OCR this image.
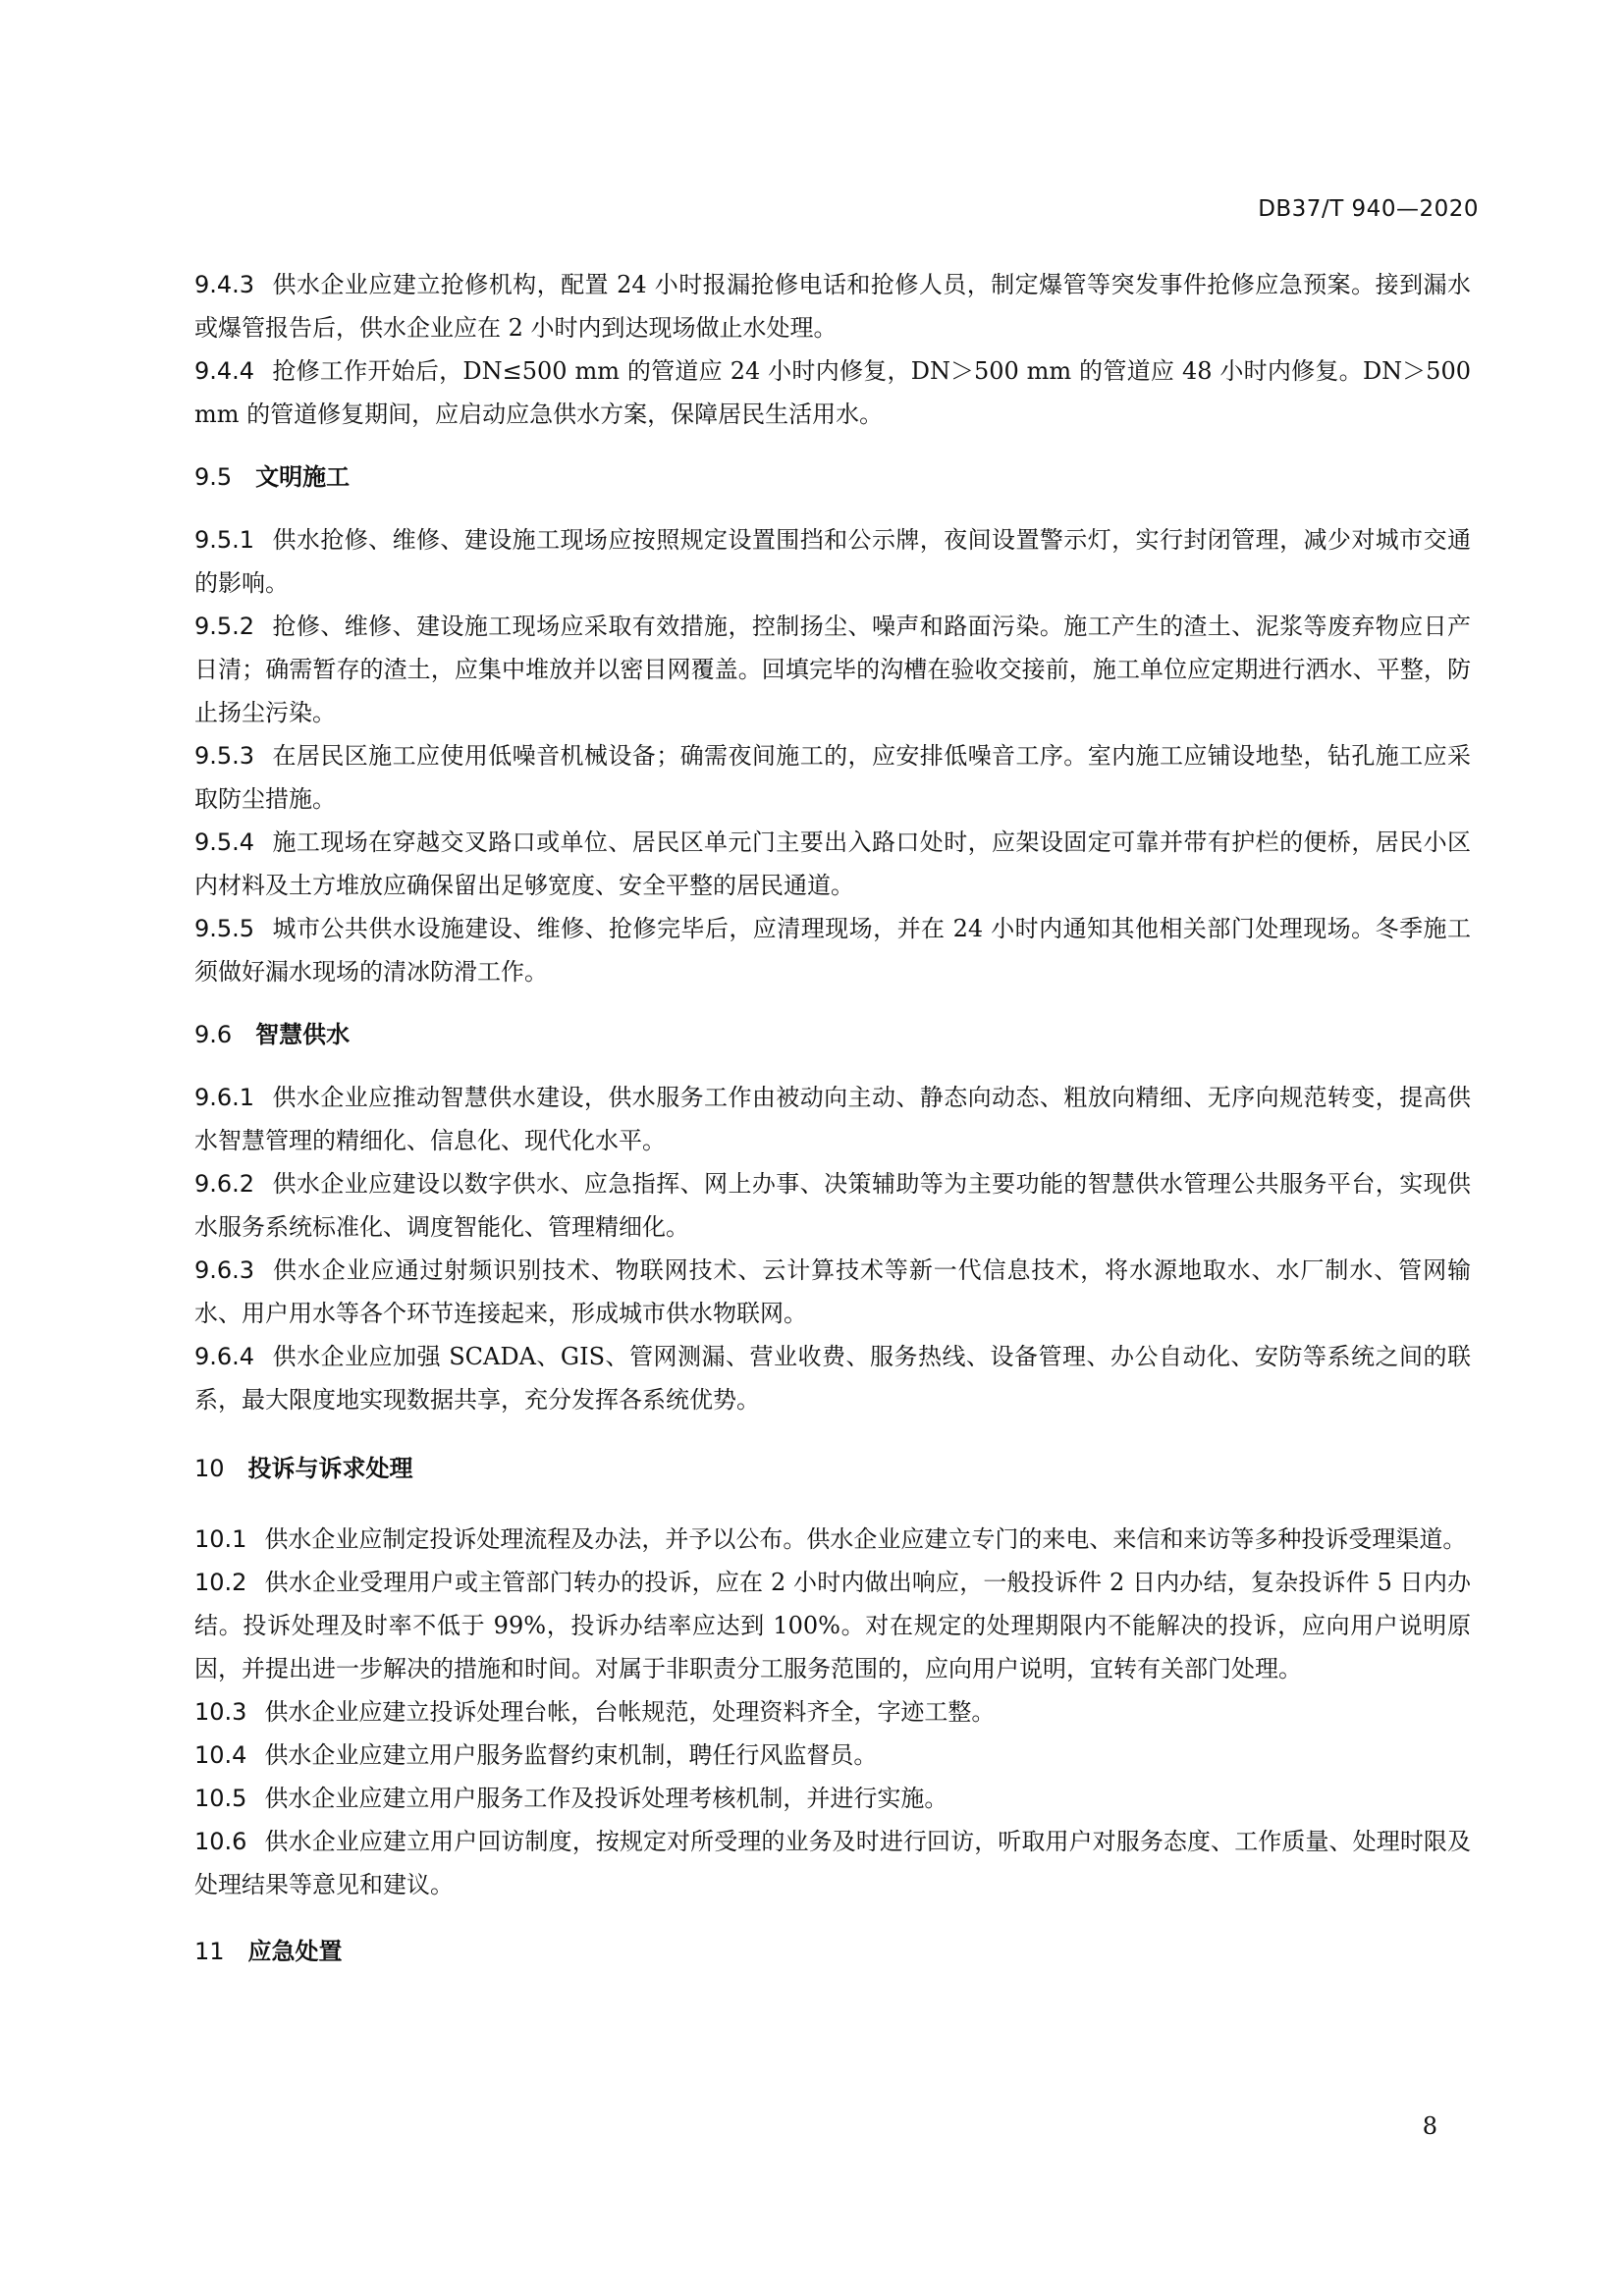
DB37/T 940—2020
9.4.3 供水企业应建立抢修机构，配置 24 小时报漏抢修电话和抢修人员，制定爆管等突发事件抢修应急预案。接到漏水或爆管报告后，供水企业应在 2 小时内到达现场做止水处理。
9.4.4 抢修工作开始后，DN≤500 mm 的管道应 24 小时内修复，DN＞500 mm 的管道应 48 小时内修复。DN＞500 mm 的管道修复期间，应启动应急供水方案，保障居民生活用水。
9.5 文明施工
9.5.1 供水抢修、维修、建设施工现场应按照规定设置围挡和公示牌，夜间设置警示灯，实行封闭管理，减少对城市交通的影响。
9.5.2 抢修、维修、建设施工现场应采取有效措施，控制扬尘、噪声和路面污染。施工产生的渣土、泥浆等废弃物应日产日清；确需暂存的渣土，应集中堆放并以密目网覆盖。回填完毕的沟槽在验收交接前，施工单位应定期进行洒水、平整，防止扬尘污染。
9.5.3 在居民区施工应使用低噪音机械设备；确需夜间施工的，应安排低噪音工序。室内施工应铺设地垫，钻孔施工应采取防尘措施。
9.5.4 施工现场在穿越交叉路口或单位、居民区单元门主要出入路口处时，应架设固定可靠并带有护栏的便桥，居民小区内材料及土方堆放应确保留出足够宽度、安全平整的居民通道。
9.5.5 城市公共供水设施建设、维修、抢修完毕后，应清理现场，并在 24 小时内通知其他相关部门处理现场。冬季施工须做好漏水现场的清冰防滑工作。
9.6 智慧供水
9.6.1 供水企业应推动智慧供水建设，供水服务工作由被动向主动、静态向动态、粗放向精细、无序向规范转变，提高供水智慧管理的精细化、信息化、现代化水平。
9.6.2 供水企业应建设以数字供水、应急指挥、网上办事、决策辅助等为主要功能的智慧供水管理公共服务平台，实现供水服务系统标准化、调度智能化、管理精细化。
9.6.3 供水企业应通过射频识别技术、物联网技术、云计算技术等新一代信息技术，将水源地取水、水厂制水、管网输水、用户用水等各个环节连接起来，形成城市供水物联网。
9.6.4 供水企业应加强 SCADA、GIS、管网测漏、营业收费、服务热线、设备管理、办公自动化、安防等系统之间的联系，最大限度地实现数据共享，充分发挥各系统优势。
10 投诉与诉求处理
10.1 供水企业应制定投诉处理流程及办法，并予以公布。供水企业应建立专门的来电、来信和来访等多种投诉受理渠道。
10.2 供水企业受理用户或主管部门转办的投诉，应在 2 小时内做出响应，一般投诉件 2 日内办结，复杂投诉件 5 日内办结。投诉处理及时率不低于 99%，投诉办结率应达到 100%。对在规定的处理期限内不能解决的投诉，应向用户说明原因，并提出进一步解决的措施和时间。对属于非职责分工服务范围的，应向用户说明，宜转有关部门处理。
10.3 供水企业应建立投诉处理台帐，台帐规范，处理资料齐全，字迹工整。
10.4 供水企业应建立用户服务监督约束机制，聘任行风监督员。
10.5 供水企业应建立用户服务工作及投诉处理考核机制，并进行实施。
10.6 供水企业应建立用户回访制度，按规定对所受理的业务及时进行回访，听取用户对服务态度、工作质量、处理时限及处理结果等意见和建议。
11 应急处置
8
